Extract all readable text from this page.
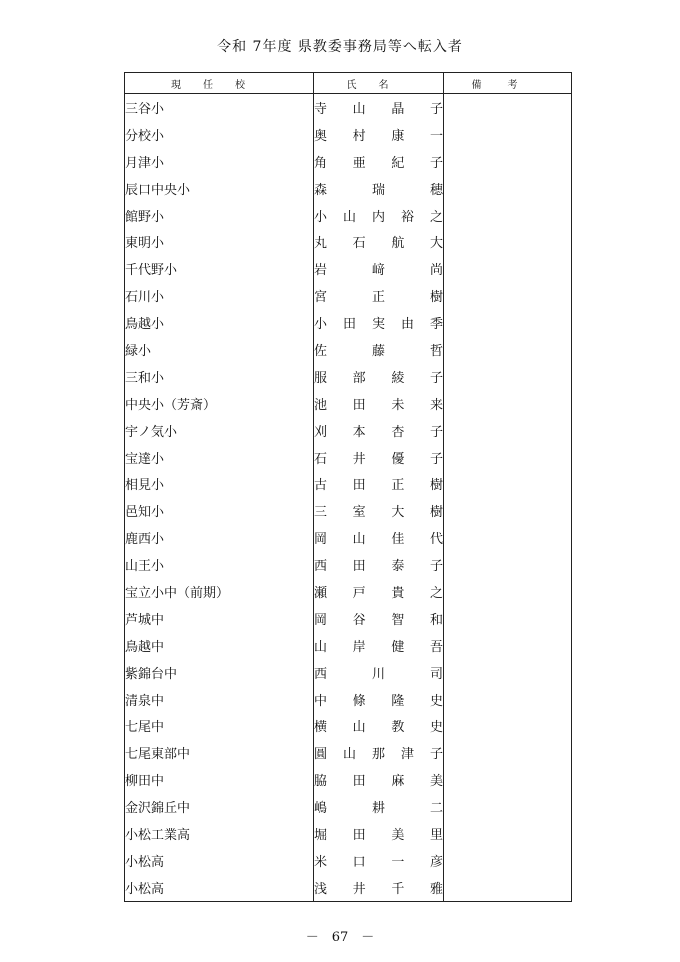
令和 7年度 県教委事務局等へ転入者
現任校	氏名	備考
三谷小	寺 山 晶 子	

分校小	奥 村 康 一	

月津小	角 亜 紀 子	

辰口中央小	森 瑞 穂	

館野小	小 山 内 裕 之	

東明小	丸 石 航 大	

千代野小	岩 﨑 尚	

石川小	宮 正 樹	

鳥越小	小 田 実 由 季	

緑小	佐 藤 哲	

三和小	服 部 綾 子	

中央小（芳斎）	池 田 未 来	

宇ノ気小	刈 本 杏 子	

宝達小	石 井 優 子	

相見小	古 田 正 樹	

邑知小	三 室 大 樹	

鹿西小	岡 山 佳 代	

山王小	西 田 泰 子	

宝立小中（前期）	瀬 戸 貴 之	

芦城中	岡 谷 智 和	

鳥越中	山 岸 健 吾	

紫錦台中	西 川 司	

清泉中	中 條 隆 史	

七尾中	横 山 教 史	

七尾東部中	圓 山 那 津 子	

柳田中	脇 田 麻 美	

金沢錦丘中	嶋 耕 二	

小松工業高	堀 田 美 里	

小松高	米 口 一 彦	

小松高	浅 井 千 雅	

－　67　－
